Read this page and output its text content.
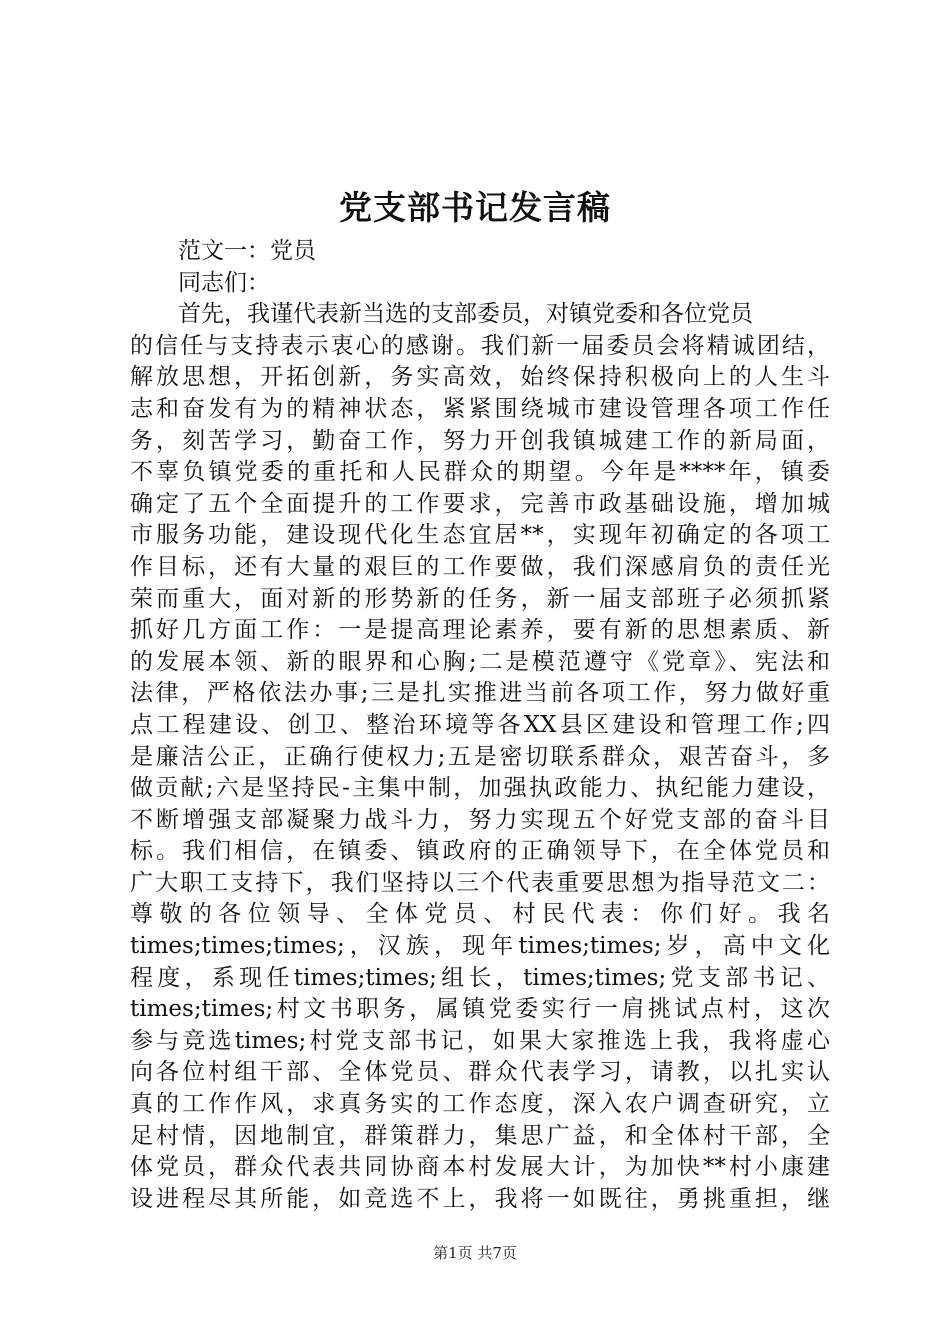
党支部书记发言稿
范文一：党员
同志们：
首先，我谨代表新当选的支部委员，对镇党委和各位党员
的信任与支持表示衷心的感谢。我们新一届委员会将精诚团结，
解放思想，开拓创新，务实高效，始终保持积极向上的人生斗
志和奋发有为的精神状态，紧紧围绕城市建设管理各项工作任
务，刻苦学习，勤奋工作，努力开创我镇城建工作的新局面，
不辜负镇党委的重托和人民群众的期望。今年是****年，镇委
确定了五个全面提升的工作要求，完善市政基础设施，增加城
市服务功能，建设现代化生态宜居**，实现年初确定的各项工
作目标，还有大量的艰巨的工作要做，我们深感肩负的责任光
荣而重大，面对新的形势新的任务，新一届支部班子必须抓紧
抓好几方面工作：一是提高理论素养，要有新的思想素质、新
的发展本领、新的眼界和心胸;二是模范遵守《党章》、宪法和
法律，严格依法办事;三是扎实推进当前各项工作，努力做好重
点工程建设、创卫、整治环境等各XX县区建设和管理工作;四
是廉洁公正，正确行使权力;五是密切联系群众，艰苦奋斗，多
做贡献;六是坚持民-主集中制，加强执政能力、执纪能力建设，
不断增强支部凝聚力战斗力，努力实现五个好党支部的奋斗目
标。我们相信，在镇委、镇政府的正确领导下，在全体党员和
广大职工支持下，我们坚持以三个代表重要思想为指导范文二：
尊敬的各位领导、全体党员、村民代表：你们好。我名
times;times;times;，汉族，现年times;times;岁，高中文化
程度，系现任times;times;组长，times;times;党支部书记、
times;times;村文书职务，属镇党委实行一肩挑试点村，这次
参与竞选times;村党支部书记，如果大家推选上我，我将虚心
向各位村组干部、全体党员、群众代表学习，请教，以扎实认
真的工作作风，求真务实的工作态度，深入农户调查研究，立
足村情，因地制宜，群策群力，集思广益，和全体村干部，全
体党员，群众代表共同协商本村发展大计，为加快**村小康建
设进程尽其所能，如竞选不上，我将一如既往，勇挑重担，继
第1页 共7页
